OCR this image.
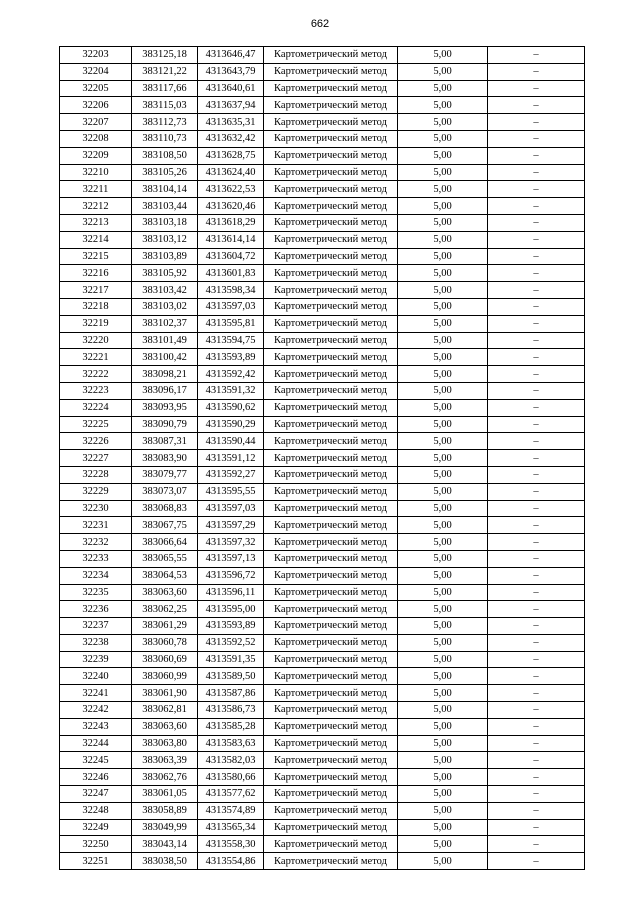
662
32203	383125,18	4313646,47	Картометрический метод	5,00	–
32204	383121,22	4313643,79	Картометрический метод	5,00	–
32205	383117,66	4313640,61	Картометрический метод	5,00	–
32206	383115,03	4313637,94	Картометрический метод	5,00	–
32207	383112,73	4313635,31	Картометрический метод	5,00	–
32208	383110,73	4313632,42	Картометрический метод	5,00	–
32209	383108,50	4313628,75	Картометрический метод	5,00	–
32210	383105,26	4313624,40	Картометрический метод	5,00	–
32211	383104,14	4313622,53	Картометрический метод	5,00	–
32212	383103,44	4313620,46	Картометрический метод	5,00	–
32213	383103,18	4313618,29	Картометрический метод	5,00	–
32214	383103,12	4313614,14	Картометрический метод	5,00	–
32215	383103,89	4313604,72	Картометрический метод	5,00	–
32216	383105,92	4313601,83	Картометрический метод	5,00	–
32217	383103,42	4313598,34	Картометрический метод	5,00	–
32218	383103,02	4313597,03	Картометрический метод	5,00	–
32219	383102,37	4313595,81	Картометрический метод	5,00	–
32220	383101,49	4313594,75	Картометрический метод	5,00	–
32221	383100,42	4313593,89	Картометрический метод	5,00	–
32222	383098,21	4313592,42	Картометрический метод	5,00	–
32223	383096,17	4313591,32	Картометрический метод	5,00	–
32224	383093,95	4313590,62	Картометрический метод	5,00	–
32225	383090,79	4313590,29	Картометрический метод	5,00	–
32226	383087,31	4313590,44	Картометрический метод	5,00	–
32227	383083,90	4313591,12	Картометрический метод	5,00	–
32228	383079,77	4313592,27	Картометрический метод	5,00	–
32229	383073,07	4313595,55	Картометрический метод	5,00	–
32230	383068,83	4313597,03	Картометрический метод	5,00	–
32231	383067,75	4313597,29	Картометрический метод	5,00	–
32232	383066,64	4313597,32	Картометрический метод	5,00	–
32233	383065,55	4313597,13	Картометрический метод	5,00	–
32234	383064,53	4313596,72	Картометрический метод	5,00	–
32235	383063,60	4313596,11	Картометрический метод	5,00	–
32236	383062,25	4313595,00	Картометрический метод	5,00	–
32237	383061,29	4313593,89	Картометрический метод	5,00	–
32238	383060,78	4313592,52	Картометрический метод	5,00	–
32239	383060,69	4313591,35	Картометрический метод	5,00	–
32240	383060,99	4313589,50	Картометрический метод	5,00	–
32241	383061,90	4313587,86	Картометрический метод	5,00	–
32242	383062,81	4313586,73	Картометрический метод	5,00	–
32243	383063,60	4313585,28	Картометрический метод	5,00	–
32244	383063,80	4313583,63	Картометрический метод	5,00	–
32245	383063,39	4313582,03	Картометрический метод	5,00	–
32246	383062,76	4313580,66	Картометрический метод	5,00	–
32247	383061,05	4313577,62	Картометрический метод	5,00	–
32248	383058,89	4313574,89	Картометрический метод	5,00	–
32249	383049,99	4313565,34	Картометрический метод	5,00	–
32250	383043,14	4313558,30	Картометрический метод	5,00	–
32251	383038,50	4313554,86	Картометрический метод	5,00	–
